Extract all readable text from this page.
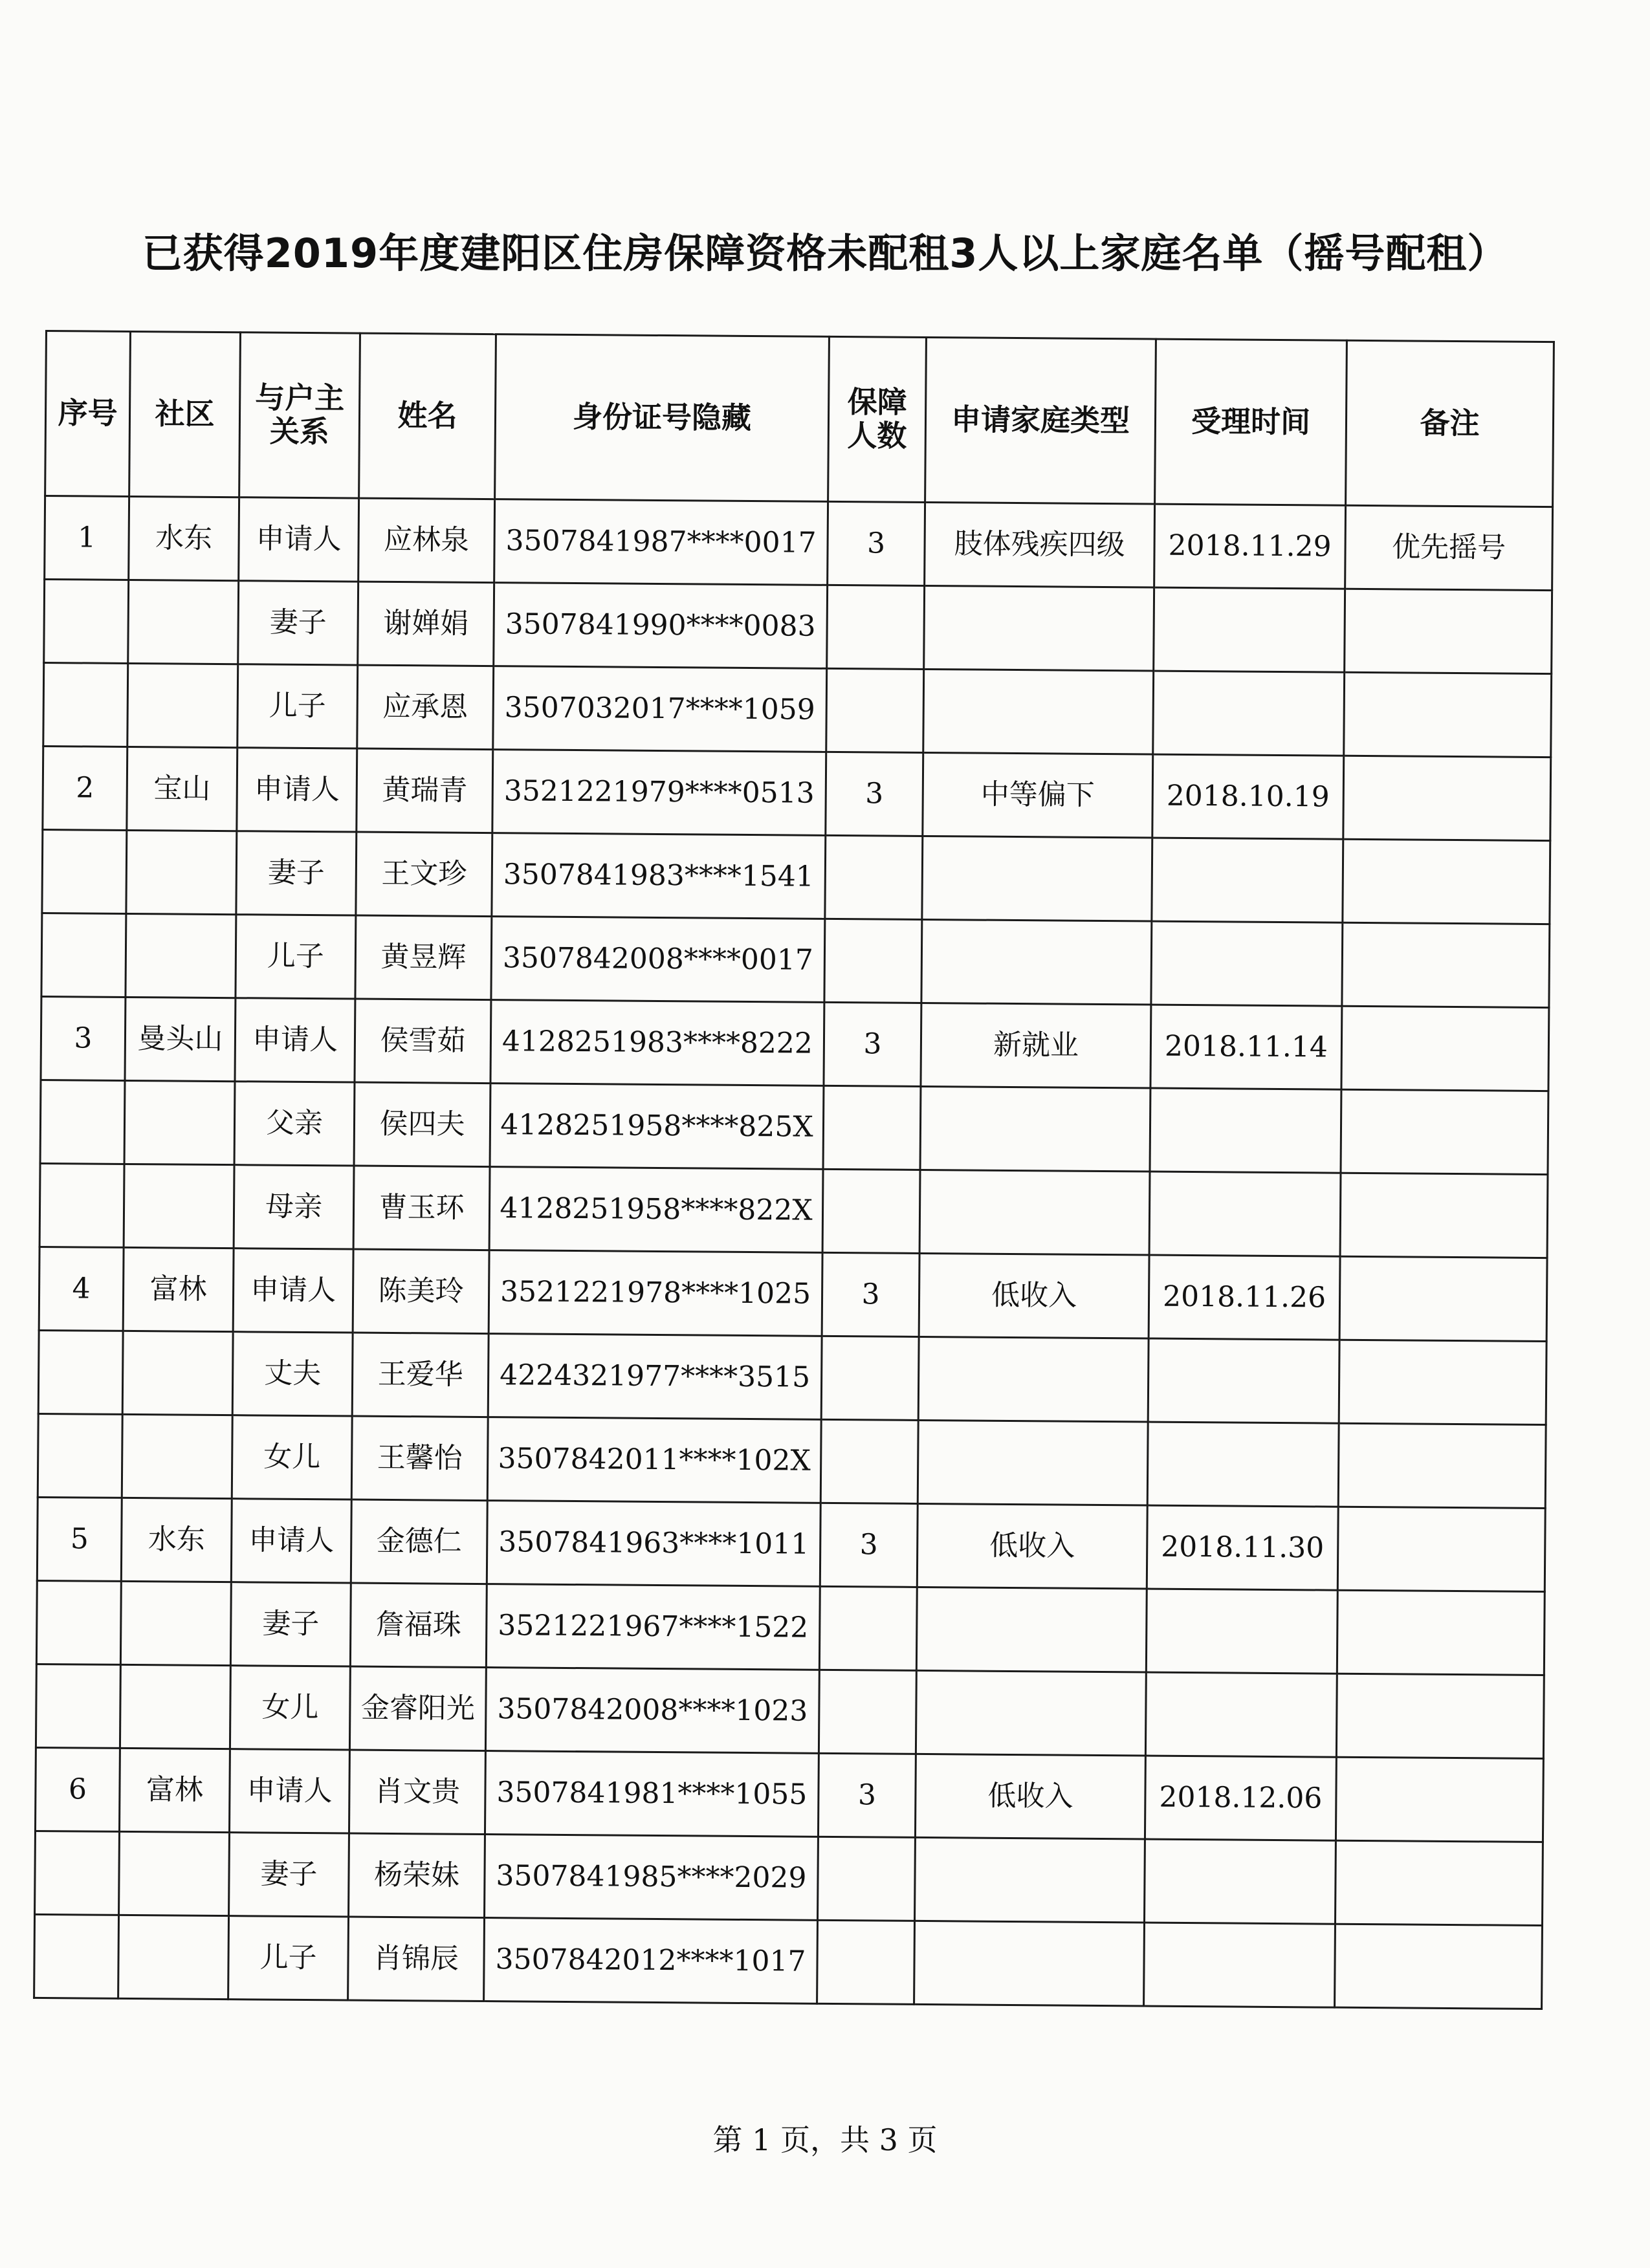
已获得2019年度建阳区住房保障资格未配租3人以上家庭名单（摇号配租）
序号	社区	与户主关系	姓名	身份证号隐藏	保障人数	申请家庭类型	受理时间	备注
1	水东	申请人	应林泉	3507841987****0017	3	肢体残疾四级	2018.11.29	优先摇号
		妻子	谢婵娟	3507841990****0083				
		儿子	应承恩	3507032017****1059				
2	宝山	申请人	黄瑞青	3521221979****0513	3	中等偏下	2018.10.19	
		妻子	王文珍	3507841983****1541				
		儿子	黄昱辉	3507842008****0017				
3	曼头山	申请人	侯雪茹	4128251983****8222	3	新就业	2018.11.14	
		父亲	侯四夫	4128251958****825X				
		母亲	曹玉环	4128251958****822X				
4	富林	申请人	陈美玲	3521221978****1025	3	低收入	2018.11.26	
		丈夫	王爱华	4224321977****3515				
		女儿	王馨怡	3507842011****102X				
5	水东	申请人	金德仁	3507841963****1011	3	低收入	2018.11.30	
		妻子	詹福珠	3521221967****1522				
		女儿	金睿阳光	3507842008****1023				
6	富林	申请人	肖文贵	3507841981****1055	3	低收入	2018.12.06	
		妻子	杨荣妹	3507841985****2029				
		儿子	肖锦辰	3507842012****1017				
第 1 页，共 3 页
